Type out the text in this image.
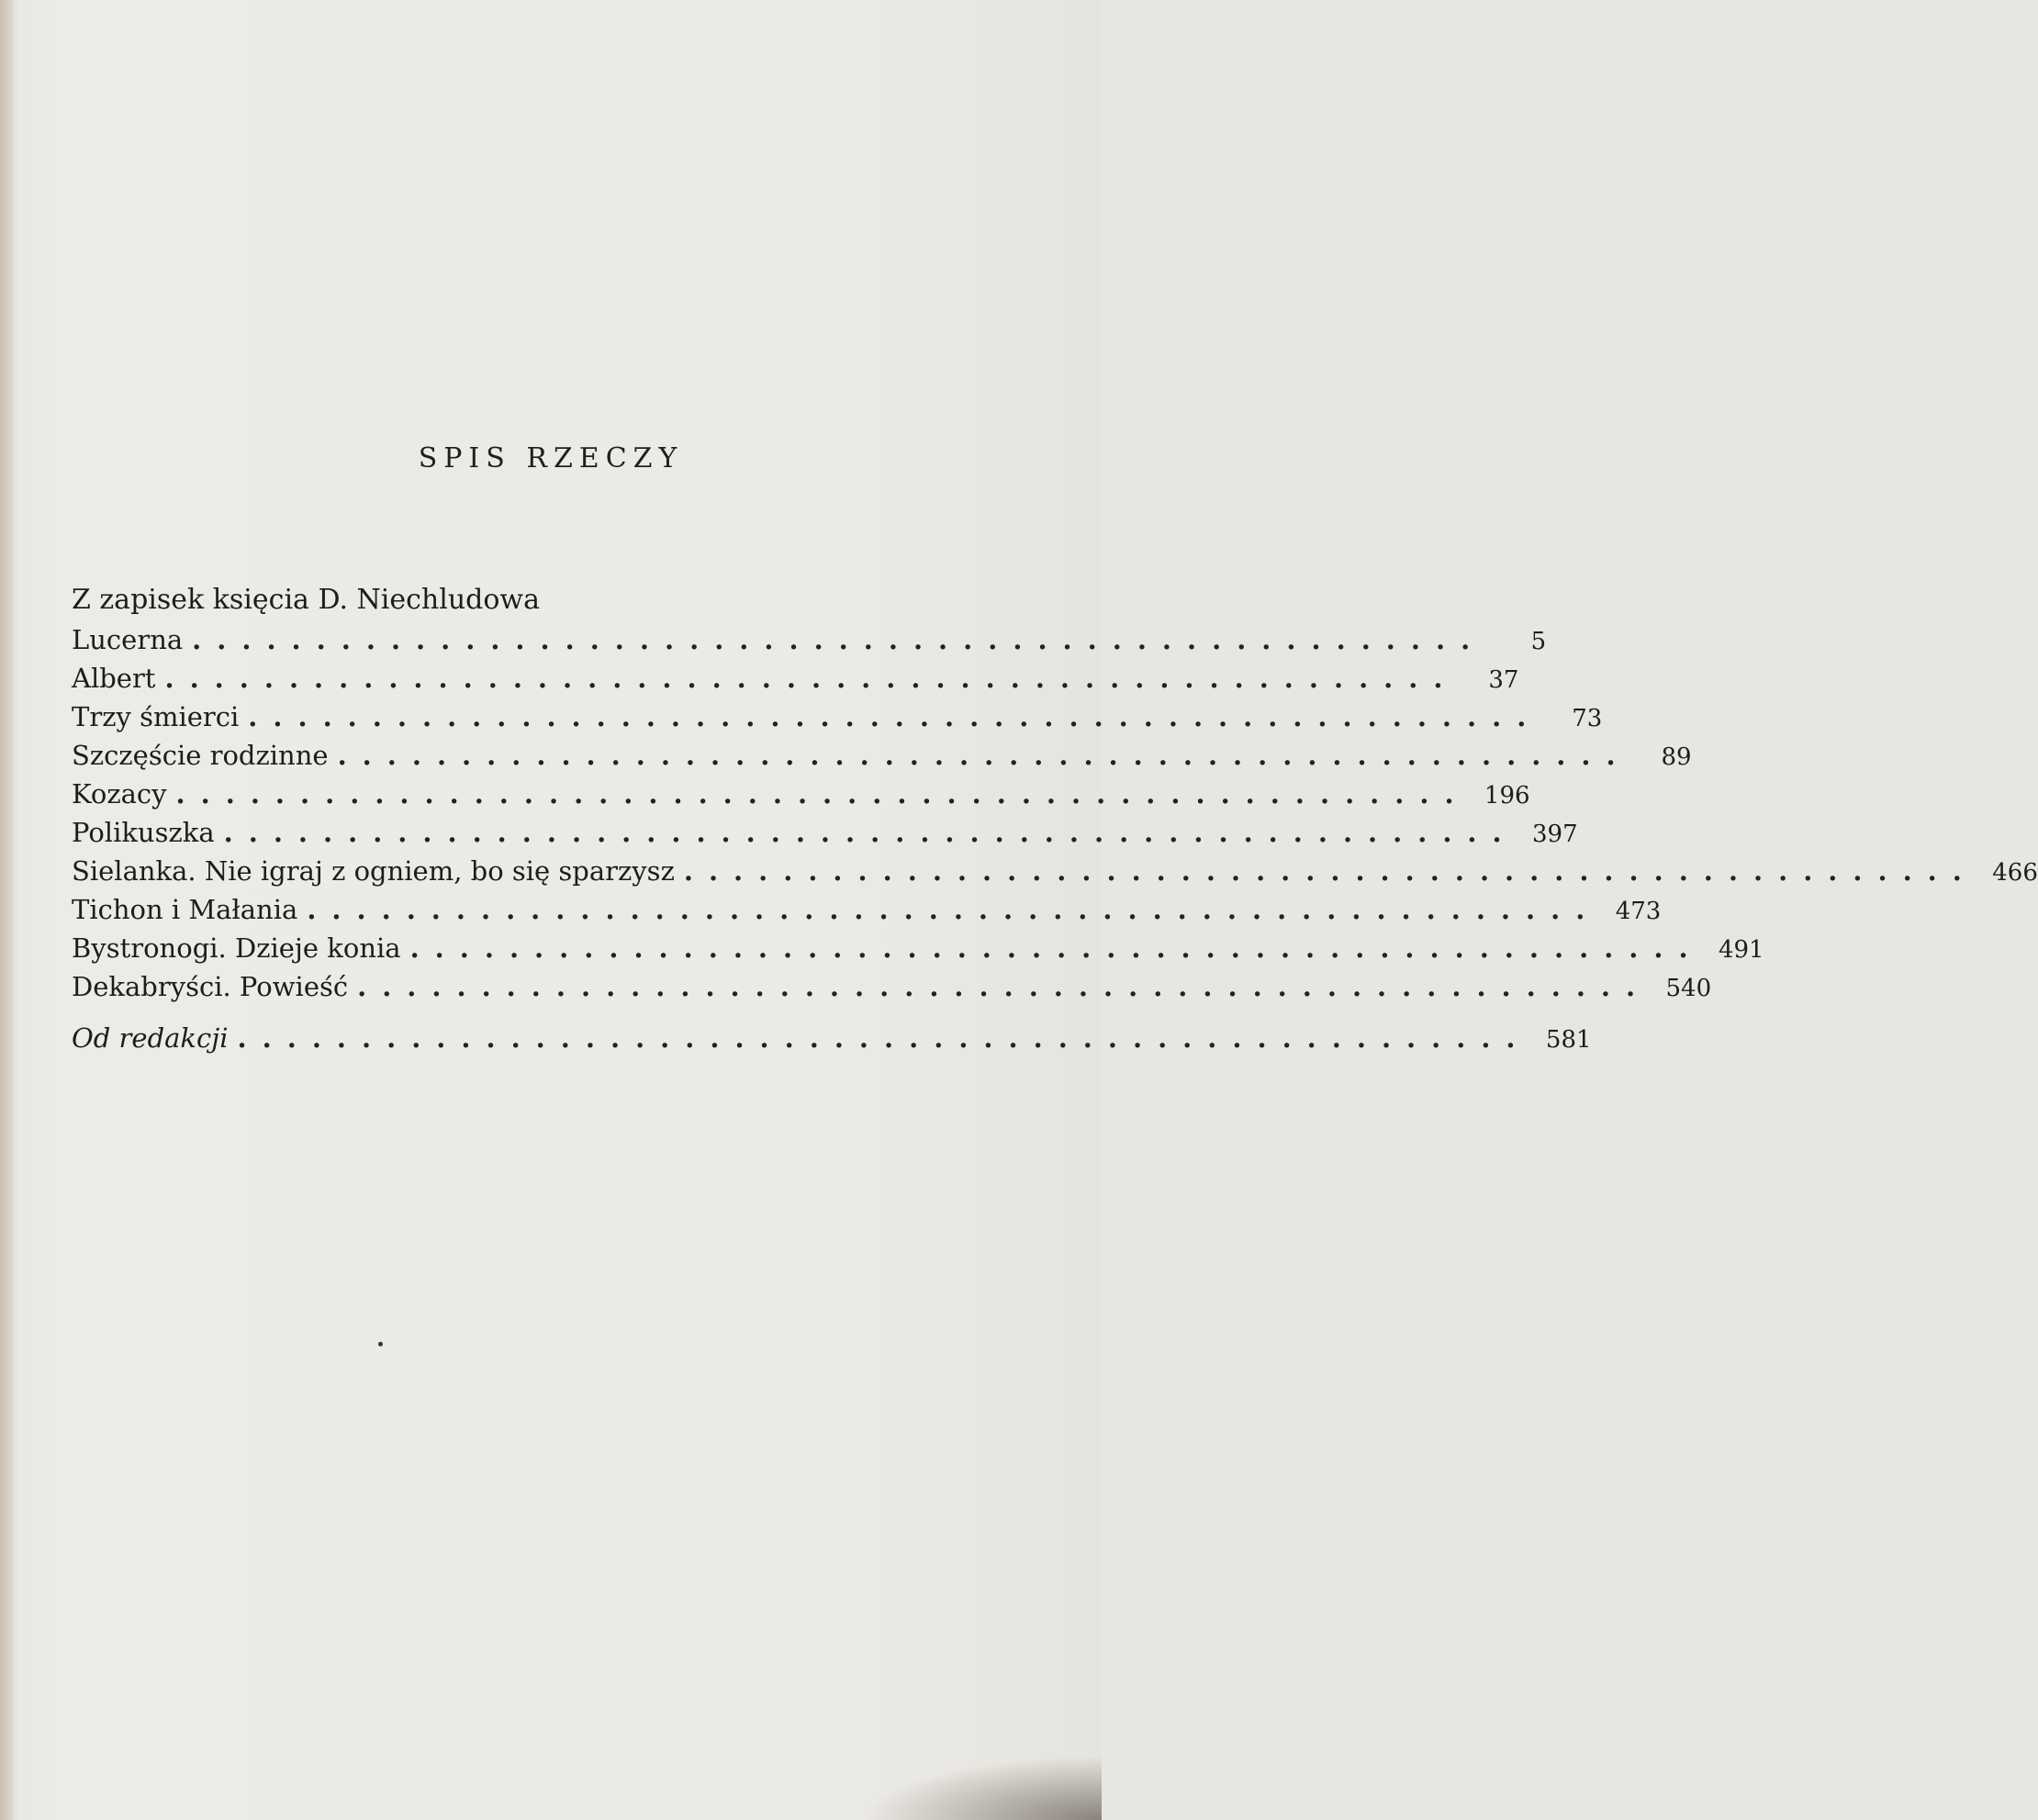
SPIS RZECZY
Z zapisek księcia D. Niechludowa
Lucerna ....................................................	5
Albert ....................................................	37
Trzy śmierci ....................................................	73
Szczęście rodzinne ....................................................	89
Kozacy .................................................... 196
Polikuszka .................................................... 397
Sielanka. Nie igraj z ogniem, bo się sparzysz .................................................... 466
Tichon i Małania .................................................... 473
Bystronogi. Dzieje konia .................................................... 491
Dekabryści. Powieść .................................................... 540
Od redakcji .................................................... 581
